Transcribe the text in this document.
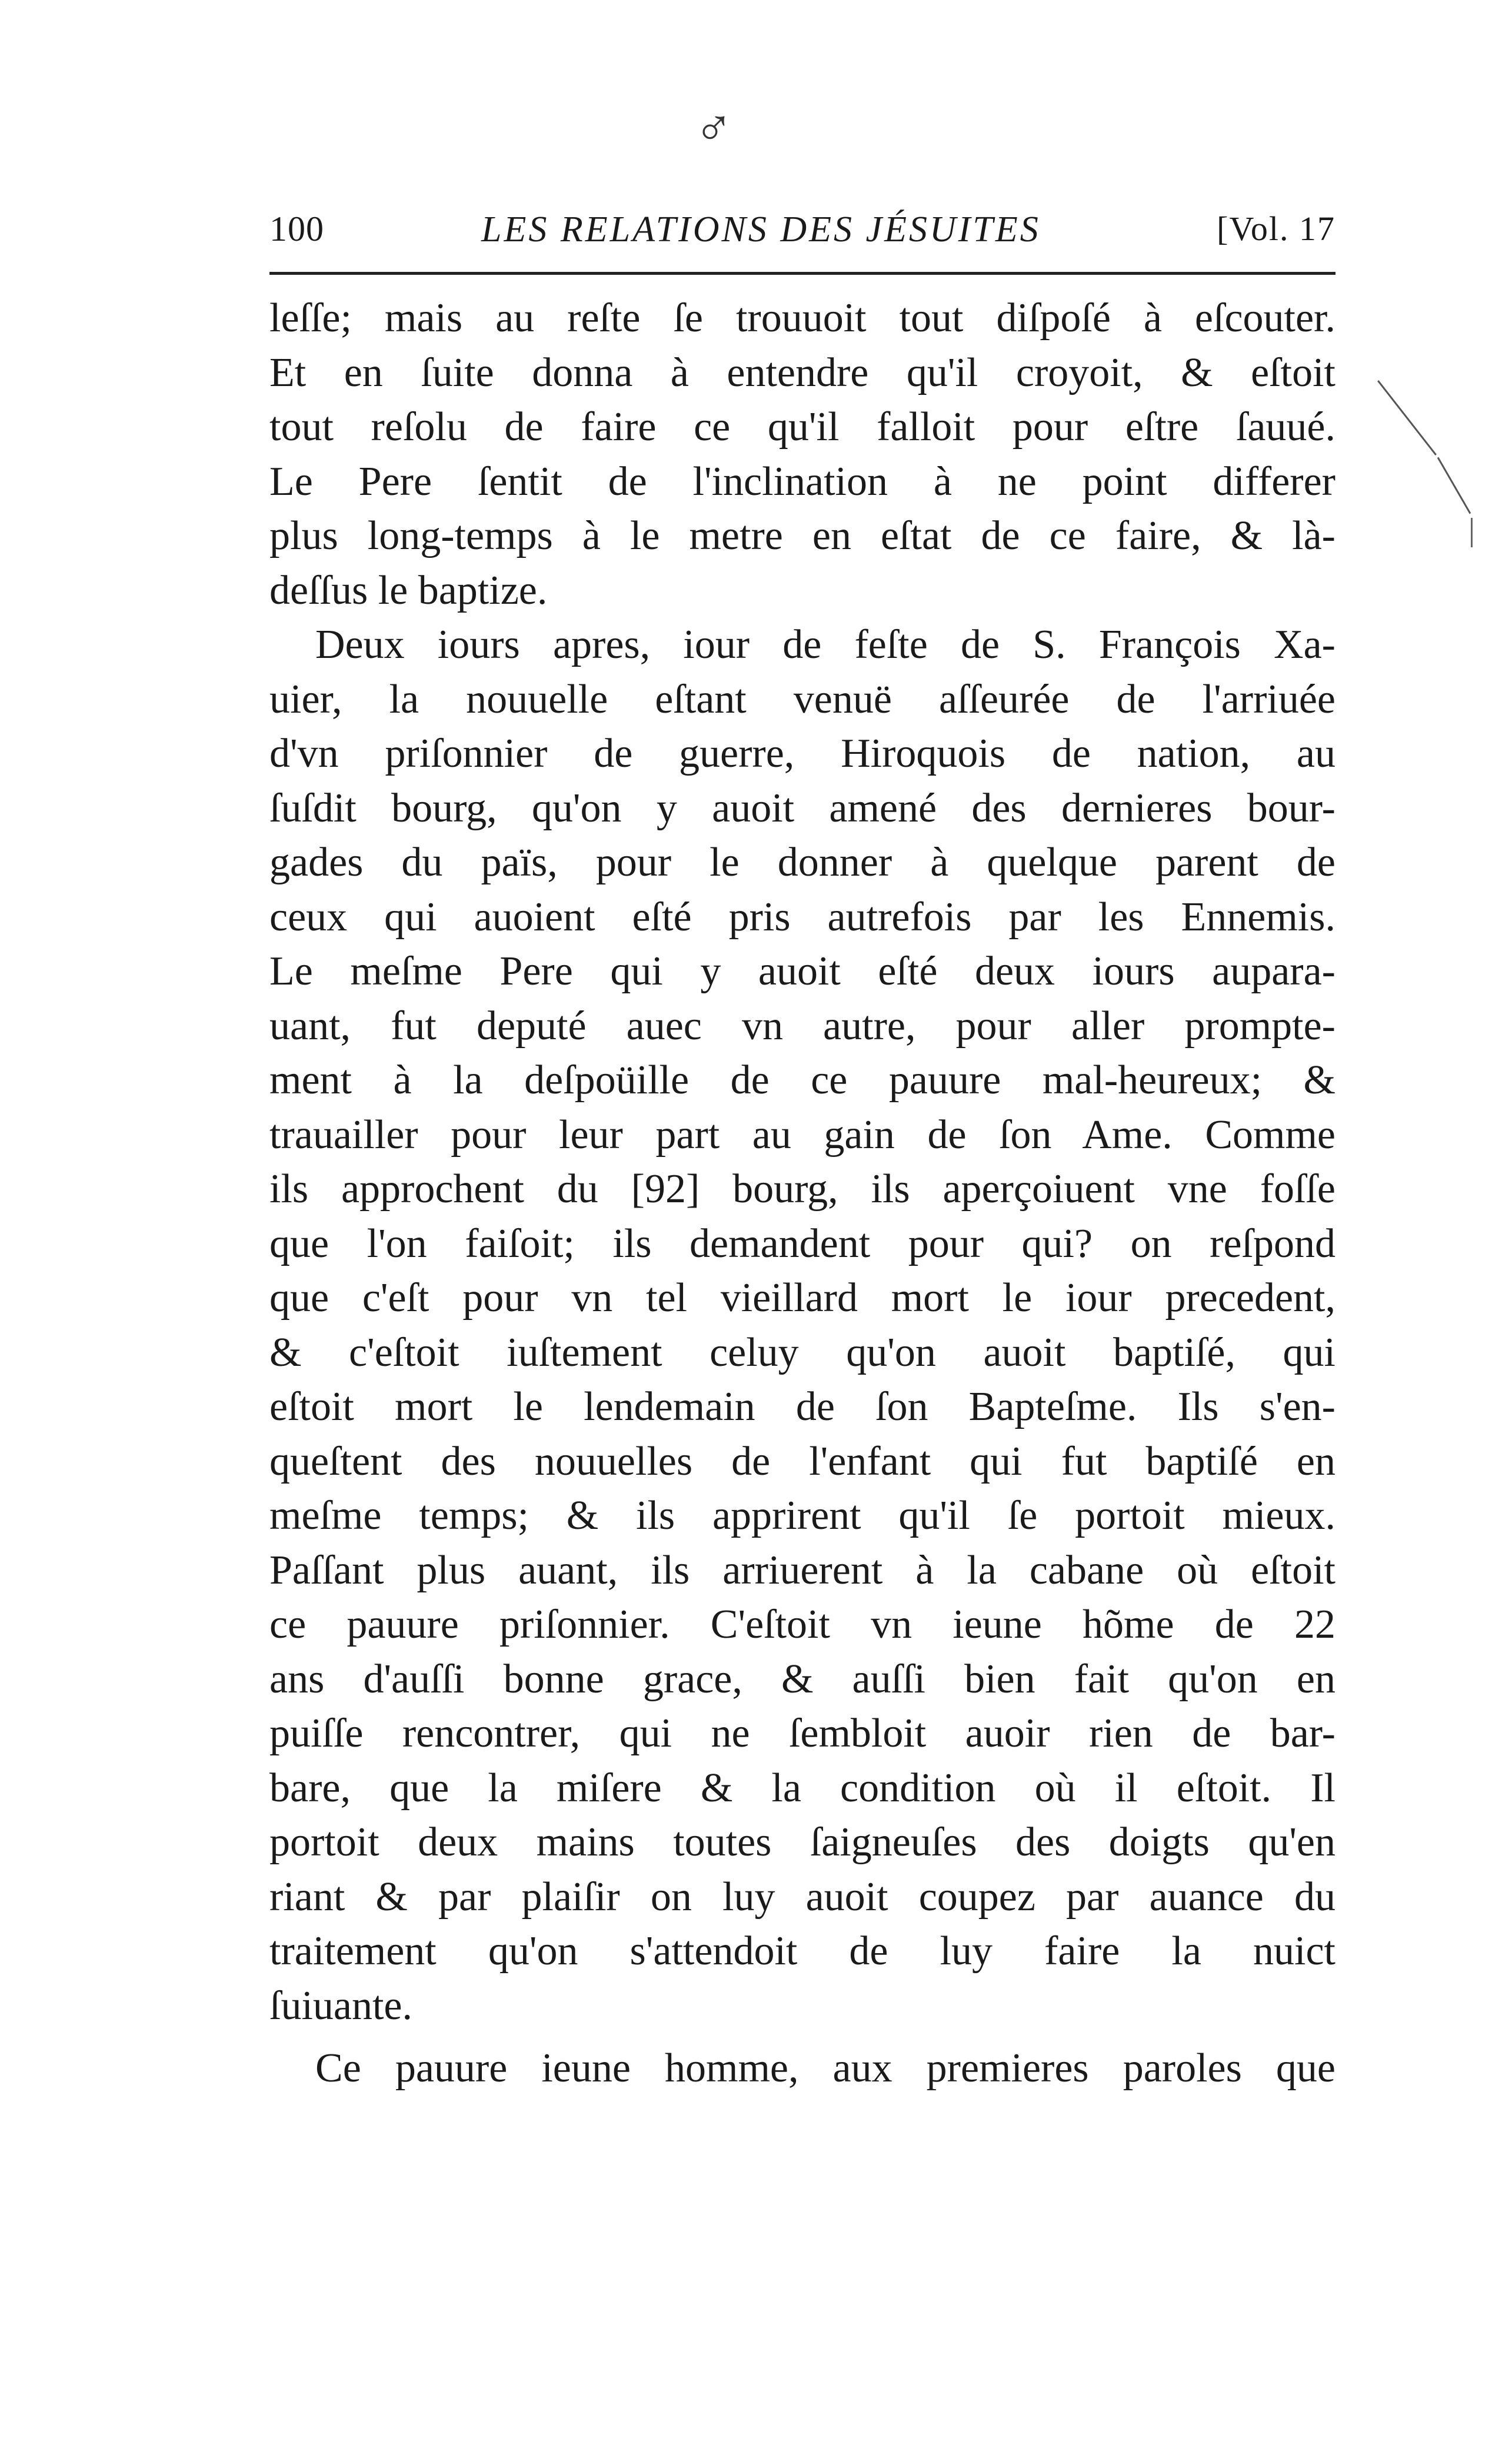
♂
100	LES RELATIONS DES JÉSUITES	[Vol. 17
leſſe; mais au reſte ſe trouuoit tout diſpoſé à eſcouter.
Et en ſuite donna à entendre qu'il croyoit, & eſtoit
tout reſolu de faire ce qu'il falloit pour eſtre ſauué.
Le Pere ſentit de l'inclination à ne point differer
plus long-temps à le metre en eſtat de ce faire, & là-
deſſus le baptize.
Deux iours apres, iour de feſte de S. François Xa-
uier, la nouuelle eſtant venuë aſſeurée de l'arriuée
d'vn priſonnier de guerre, Hiroquois de nation, au
ſuſdit bourg, qu'on y auoit amené des dernieres bour-
gades du païs, pour le donner à quelque parent de
ceux qui auoient eſté pris autrefois par les Ennemis.
Le meſme Pere qui y auoit eſté deux iours aupara-
uant, fut deputé auec vn autre, pour aller prompte-
ment à la deſpoüille de ce pauure mal-heureux; &
trauailler pour leur part au gain de ſon Ame. Comme
ils approchent du [92] bourg, ils aperçoiuent vne foſſe
que l'on faiſoit; ils demandent pour qui? on reſpond
que c'eſt pour vn tel vieillard mort le iour precedent,
& c'eſtoit iuſtement celuy qu'on auoit baptiſé, qui
eſtoit mort le lendemain de ſon Bapteſme. Ils s'en-
queſtent des nouuelles de l'enfant qui fut baptiſé en
meſme temps; & ils apprirent qu'il ſe portoit mieux.
Paſſant plus auant, ils arriuerent à la cabane où eſtoit
ce pauure priſonnier. C'eſtoit vn ieune hõme de 22
ans d'auſſi bonne grace, & auſſi bien fait qu'on en
puiſſe rencontrer, qui ne ſembloit auoir rien de bar-
bare, que la miſere & la condition où il eſtoit. Il
portoit deux mains toutes ſaigneuſes des doigts qu'en
riant & par plaiſir on luy auoit coupez par auance du
traitement qu'on s'attendoit de luy faire la nuict
ſuiuante.
Ce pauure ieune homme, aux premieres paroles que
